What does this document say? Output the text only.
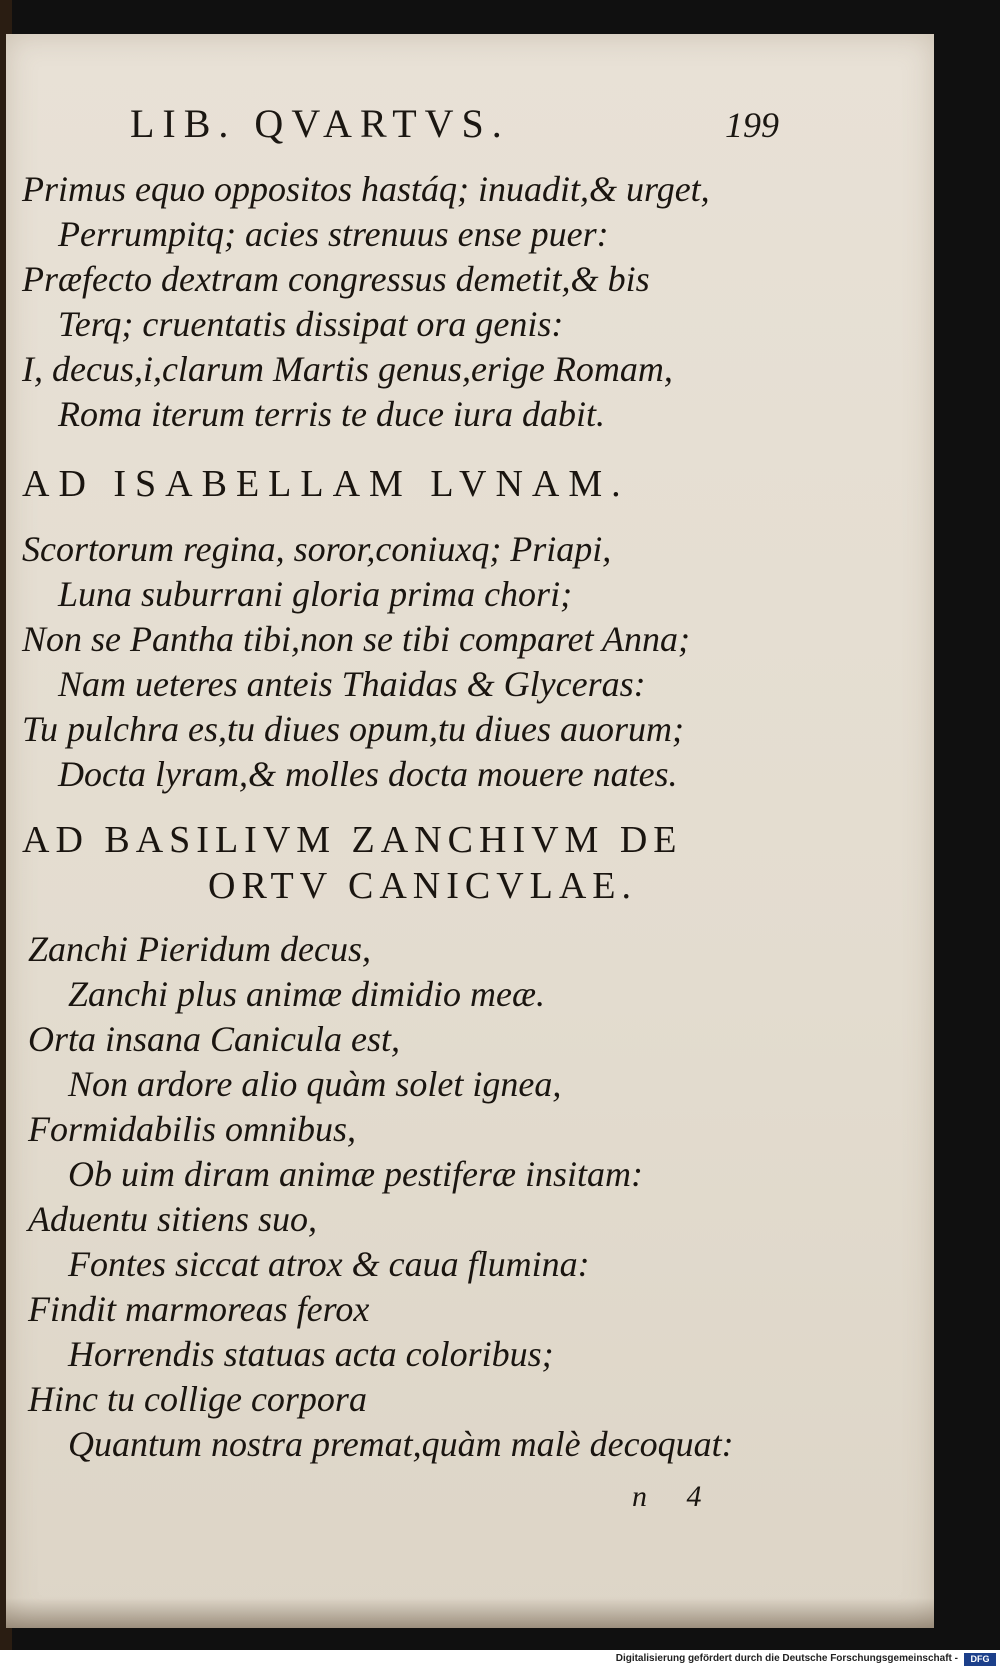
LIB. QVARTVS.	199
Primus equo oppositos hastáq; inuadit,& urget,
Perrumpitq; acies strenuus ense puer:
Præfecto dextram congressus demetit,& bis
Terq; cruentatis dissipat ora genis:
I, decus,i,clarum Martis genus,erige Romam,
Roma iterum terris te duce iura dabit.
AD ISABELLAM LVNAM.
Scortorum regina, soror,coniuxq; Priapi,
Luna suburrani gloria prima chori;
Non se Pantha tibi,non se tibi comparet Anna;
Nam ueteres anteis Thaidas & Glyceras:
Tu pulchra es,tu diues opum,tu diues auorum;
Docta lyram,& molles docta mouere nates.
AD BASILIVM ZANCHIVM DE
ORTV CANICVLAE.
Zanchi Pieridum decus,
Zanchi plus animæ dimidio meæ.
Orta insana Canicula est,
Non ardore alio quàm solet ignea,
Formidabilis omnibus,
Ob uim diram animæ pestiferæ insitam:
Aduentu sitiens suo,
Fontes siccat atrox & caua flumina:
Findit marmoreas ferox
Horrendis statuas acta coloribus;
Hinc tu collige corpora
Quantum nostra premat,quàm malè decoquat:
n 4
Digitalisierung gefördert durch die Deutsche Forschungsgemeinschaft -	DFG
